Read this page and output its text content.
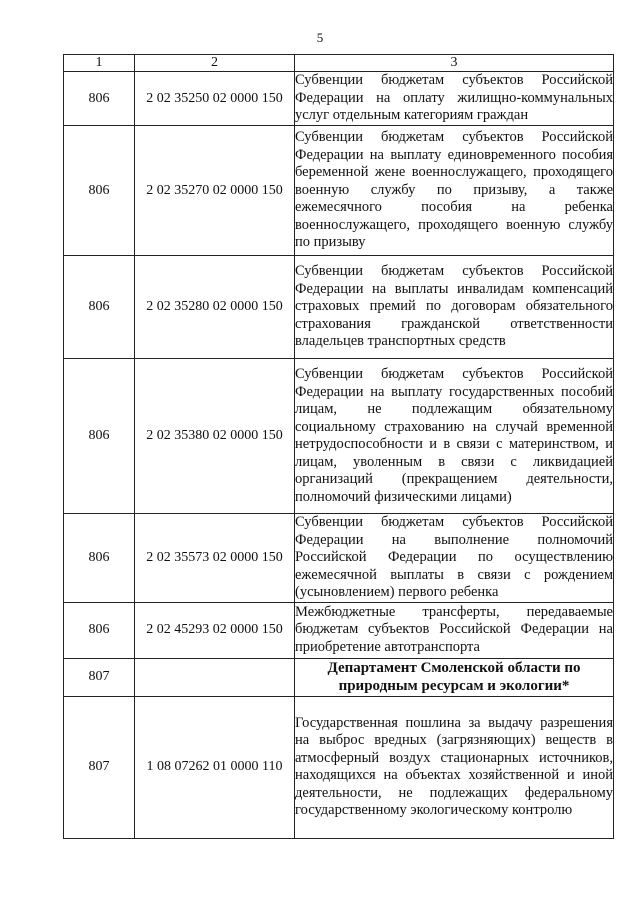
5
1	2	3
806	2 02 35250 02 0000 150	Субвенции бюджетам субъектов Российской Федерации на оплату жилищно-коммунальных услуг отдельным категориям граждан
806	2 02 35270 02 0000 150	Субвенции бюджетам субъектов Российской Федерации на выплату единовременного пособия беременной жене военнослужащего, проходящего военную службу по призыву, а также ежемесячного пособия на ребенка военнослужащего, проходящего военную службу по призыву
806	2 02 35280 02 0000 150	Субвенции бюджетам субъектов Российской Федерации на выплаты инвалидам компенсаций страховых премий по договорам обязательного страхования гражданской ответственности владельцев транспортных средств
806	2 02 35380 02 0000 150	Субвенции бюджетам субъектов Российской Федерации на выплату государственных пособий лицам, не подлежащим обязательному социальному страхованию на случай временной нетрудоспособности и в связи с материнством, и лицам, уволенным в связи с ликвидацией организаций (прекращением деятельности, полномочий физическими лицами)
806	2 02 35573 02 0000 150	Субвенции бюджетам субъектов Российской Федерации на выполнение полномочий Российской Федерации по осуществлению ежемесячной выплаты в связи с рождением (усыновлением) первого ребенка
806	2 02 45293 02 0000 150	Межбюджетные трансферты, передаваемые бюджетам субъектов Российской Федерации на приобретение автотранспорта
807		Департамент Смоленской области по природным ресурсам и экологии*
807	1 08 07262 01 0000 110	Государственная пошлина за выдачу разрешения на выброс вредных (загрязняющих) веществ в атмосферный воздух стационарных источников, находящихся на объектах хозяйственной и иной деятельности, не подлежащих федеральному государственному экологическому контролю
